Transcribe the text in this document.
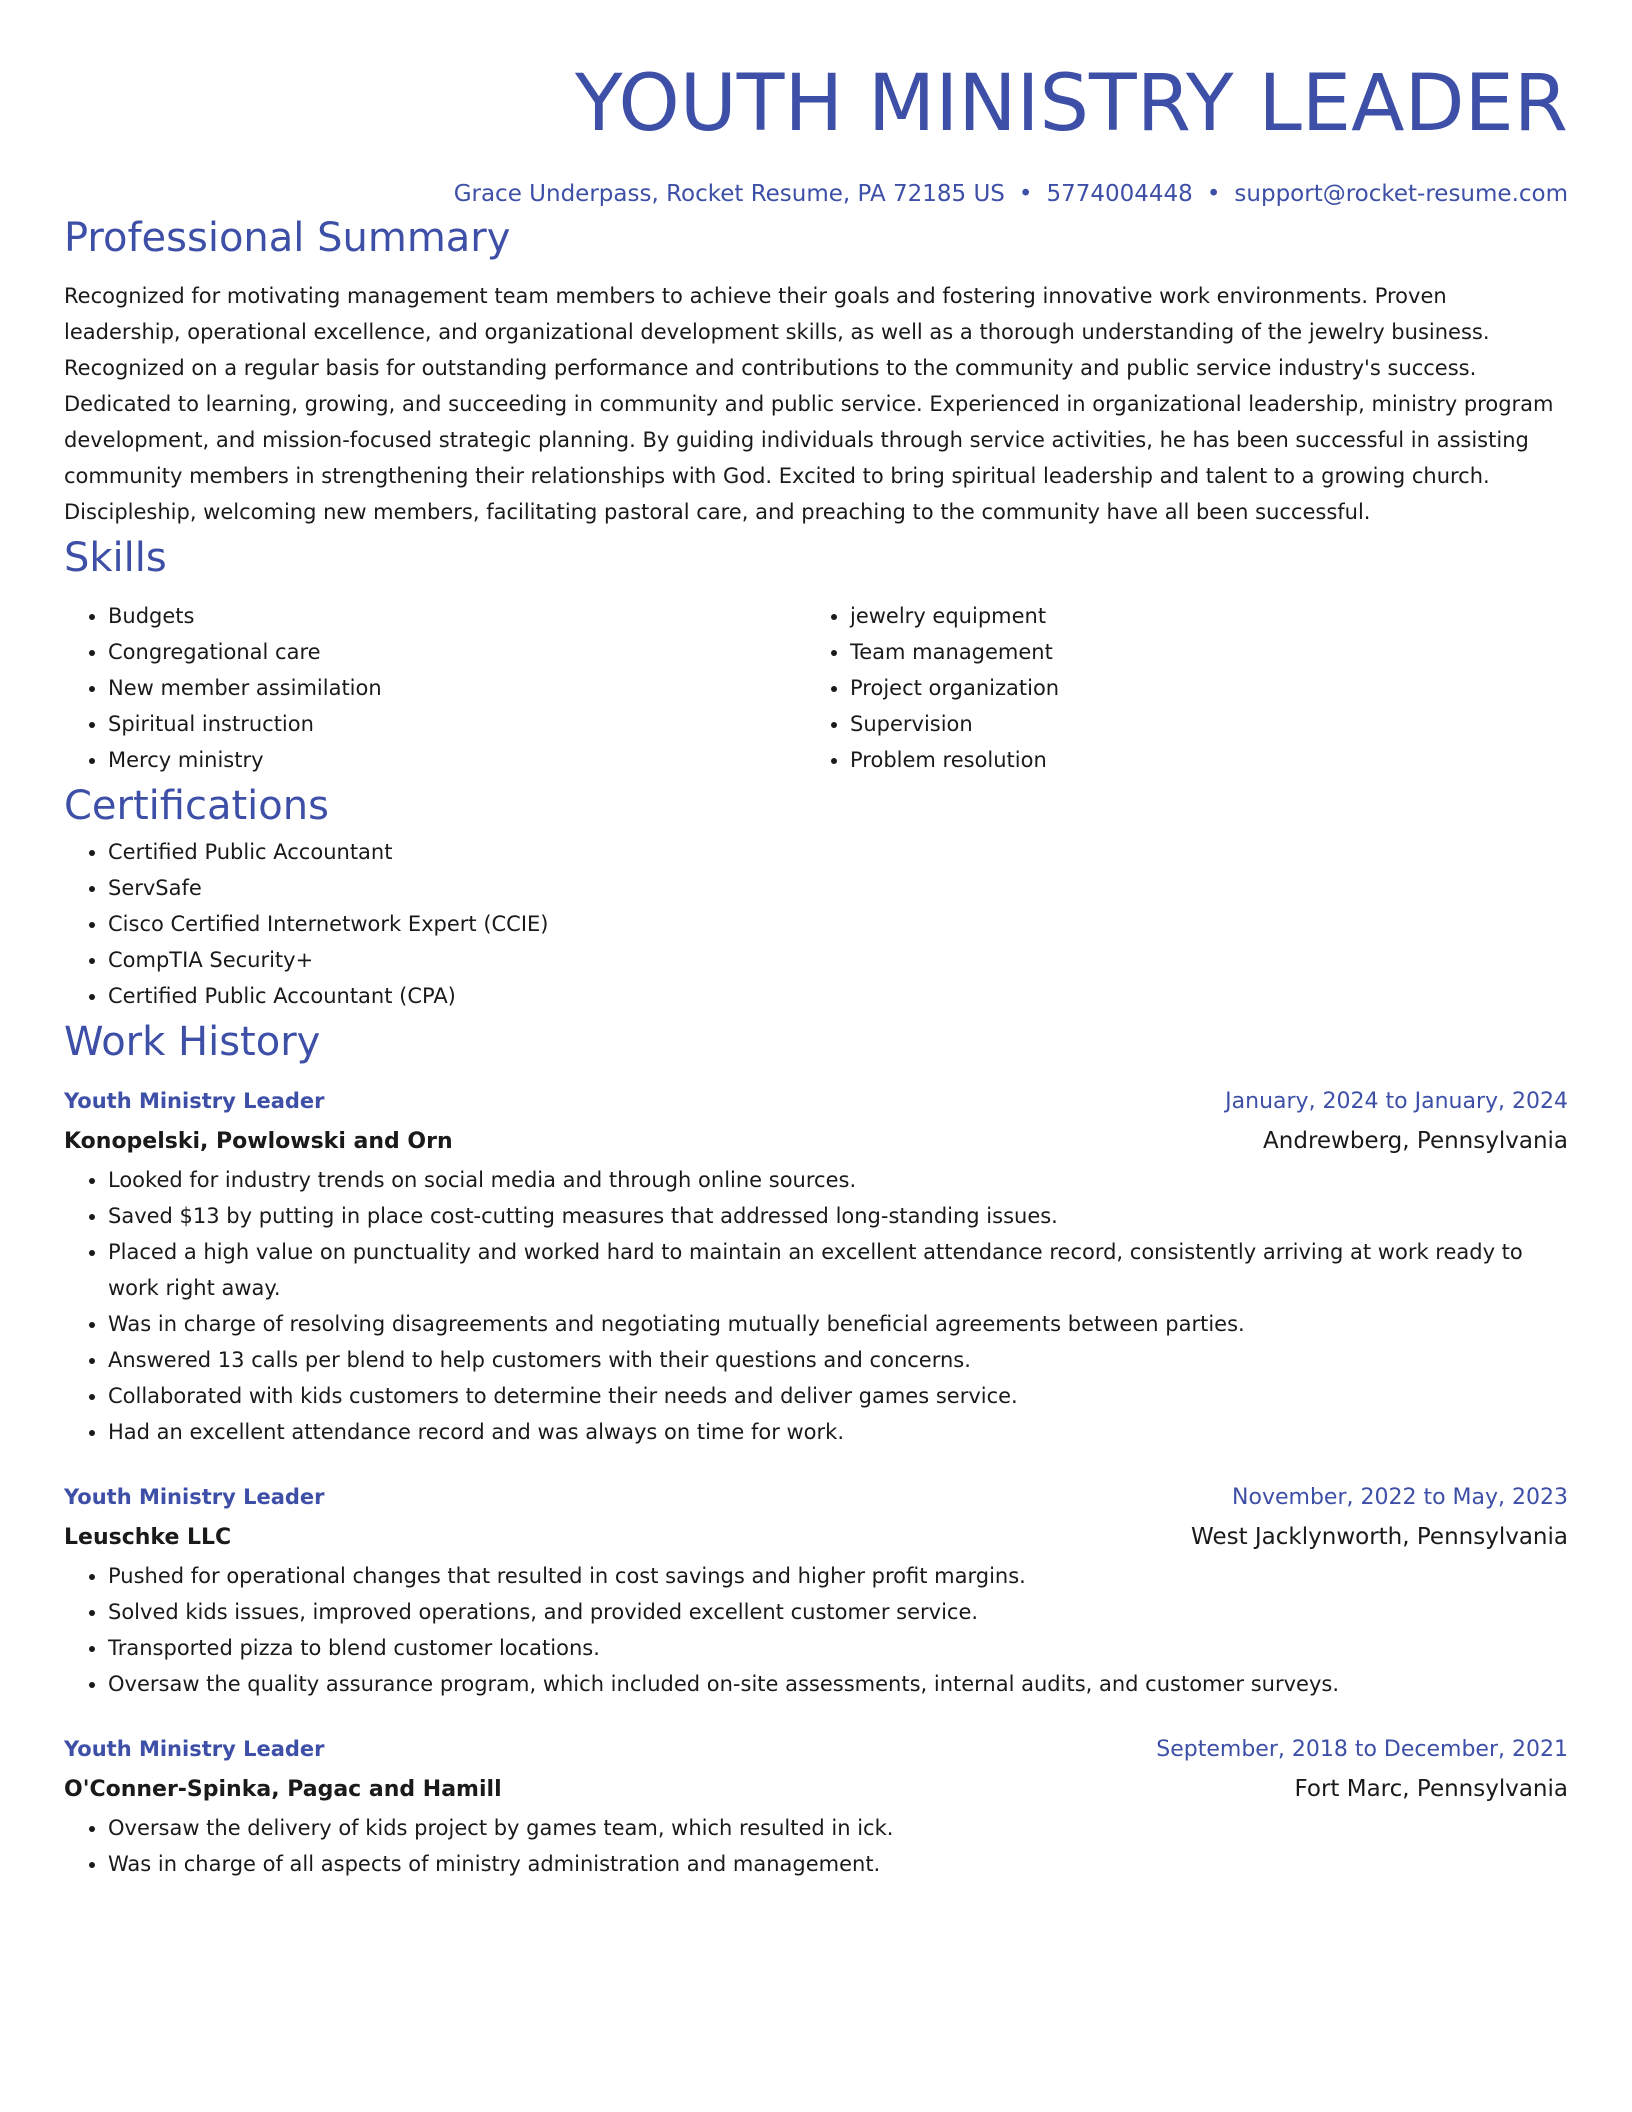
YOUTH MINISTRY LEADER
Grace Underpass, Rocket Resume, PA 72185 US • 5774004448 • support@rocket-resume.com
Professional Summary

Recognized for motivating management team members to achieve their goals and fostering innovative work environments. Proven leadership, operational excellence, and organizational development skills, as well as a thorough understanding of the jewelry business. Recognized on a regular basis for outstanding performance and contributions to the community and public service industry's success. Dedicated to learning, growing, and succeeding in community and public service. Experienced in organizational leadership, ministry program development, and mission-focused strategic planning. By guiding individuals through service activities, he has been successful in assisting community members in strengthening their relationships with God. Excited to bring spiritual leadership and talent to a growing church. Discipleship, welcoming new members, facilitating pastoral care, and preaching to the community have all been successful.

Skills
• Budgets
• Congregational care
• New member assimilation
• Spiritual instruction
• Mercy ministry
• jewelry equipment
• Team management
• Project organization
• Supervision
• Problem resolution
Certifications
• Certified Public Accountant
• ServSafe
• Cisco Certified Internetwork Expert (CCIE)
• CompTIA Security+
• Certified Public Accountant (CPA)
Work History
Youth Ministry Leader	January, 2024 to January, 2024
Konopelski, Powlowski and Orn	Andrewberg, Pennsylvania
• Looked for industry trends on social media and through online sources.
• Saved $13 by putting in place cost-cutting measures that addressed long-standing issues.
• Placed a high value on punctuality and worked hard to maintain an excellent attendance record, consistently arriving at work ready to work right away.
• Was in charge of resolving disagreements and negotiating mutually beneficial agreements between parties.
• Answered 13 calls per blend to help customers with their questions and concerns.
• Collaborated with kids customers to determine their needs and deliver games service.
• Had an excellent attendance record and was always on time for work.
Youth Ministry Leader	November, 2022 to May, 2023
Leuschke LLC	West Jacklynworth, Pennsylvania
• Pushed for operational changes that resulted in cost savings and higher profit margins.
• Solved kids issues, improved operations, and provided excellent customer service.
• Transported pizza to blend customer locations.
• Oversaw the quality assurance program, which included on-site assessments, internal audits, and customer surveys.
Youth Ministry Leader	September, 2018 to December, 2021
O'Conner-Spinka, Pagac and Hamill	Fort Marc, Pennsylvania
• Oversaw the delivery of kids project by games team, which resulted in ick.
• Was in charge of all aspects of ministry administration and management.
